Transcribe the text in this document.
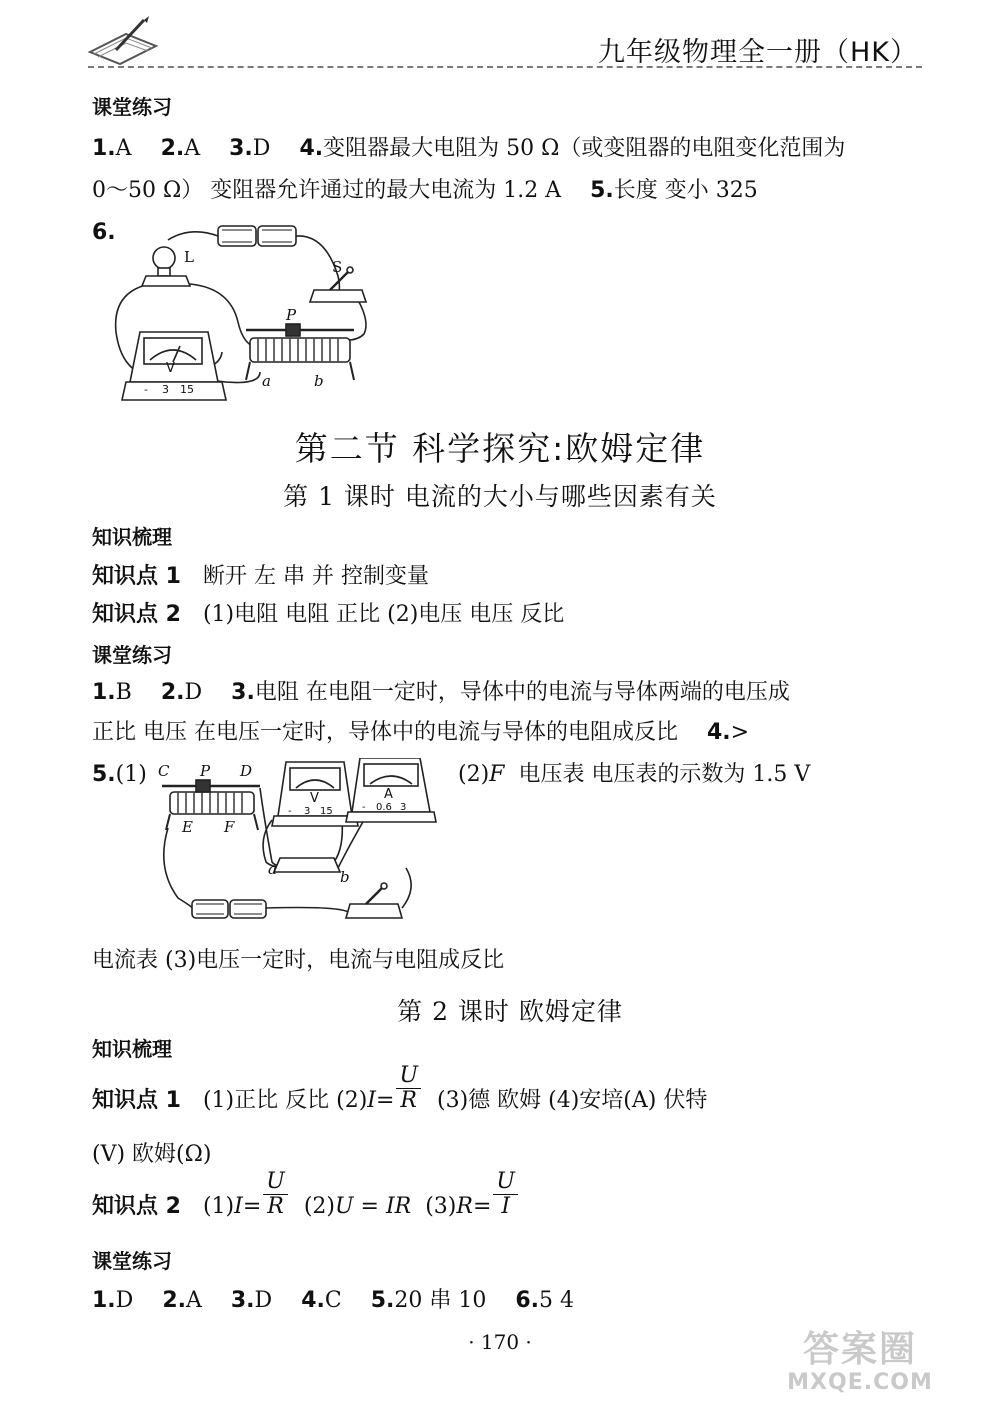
九年级物理全一册（HK）
课堂练习
1.A 2.A 3.D 4.变阻器最大电阻为 50 Ω（或变阻器的电阻变化范围为
0～50 Ω） 变阻器允许通过的最大电流为 1.2 A 5.长度 变小 325
6.
L
S
P
a	b
V
- 3 15
第二节 科学探究:欧姆定律
第 1 课时 电流的大小与哪些因素有关
知识梳理
知识点 1 断开 左 串 并 控制变量
知识点 2 (1)电阻 电阻 正比 (2)电压 电压 反比
课堂练习
1.B 2.D 3.电阻 在电阻一定时，导体中的电流与导体两端的电压成
正比 电压 在电压一定时，导体中的电流与导体的电阻成反比 4.>
5.(1)	(2)F 电压表 电压表的示数为 1.5 V
C P D
E F
V
- 3 15
A
- 0.6 3
a	b
电流表 (3)电压一定时，电流与电阻成反比
第 2 课时 欧姆定律
知识梳理
知识点 1 (1)正比 反比 $(2)I= \frac{U}{R} (3)$德 欧姆 (4)安培(A) 伏特
(V) 欧姆(Ω)
知识点 2 $(1)I= \frac{U}{R} (2)U$ = IR $(3)R= \frac{U}{I}$
课堂练习
1.D 2.A 3.D 4.C 5.20 串 10 6.5 4
· 170 ·	答案圈
MXQE.COM
